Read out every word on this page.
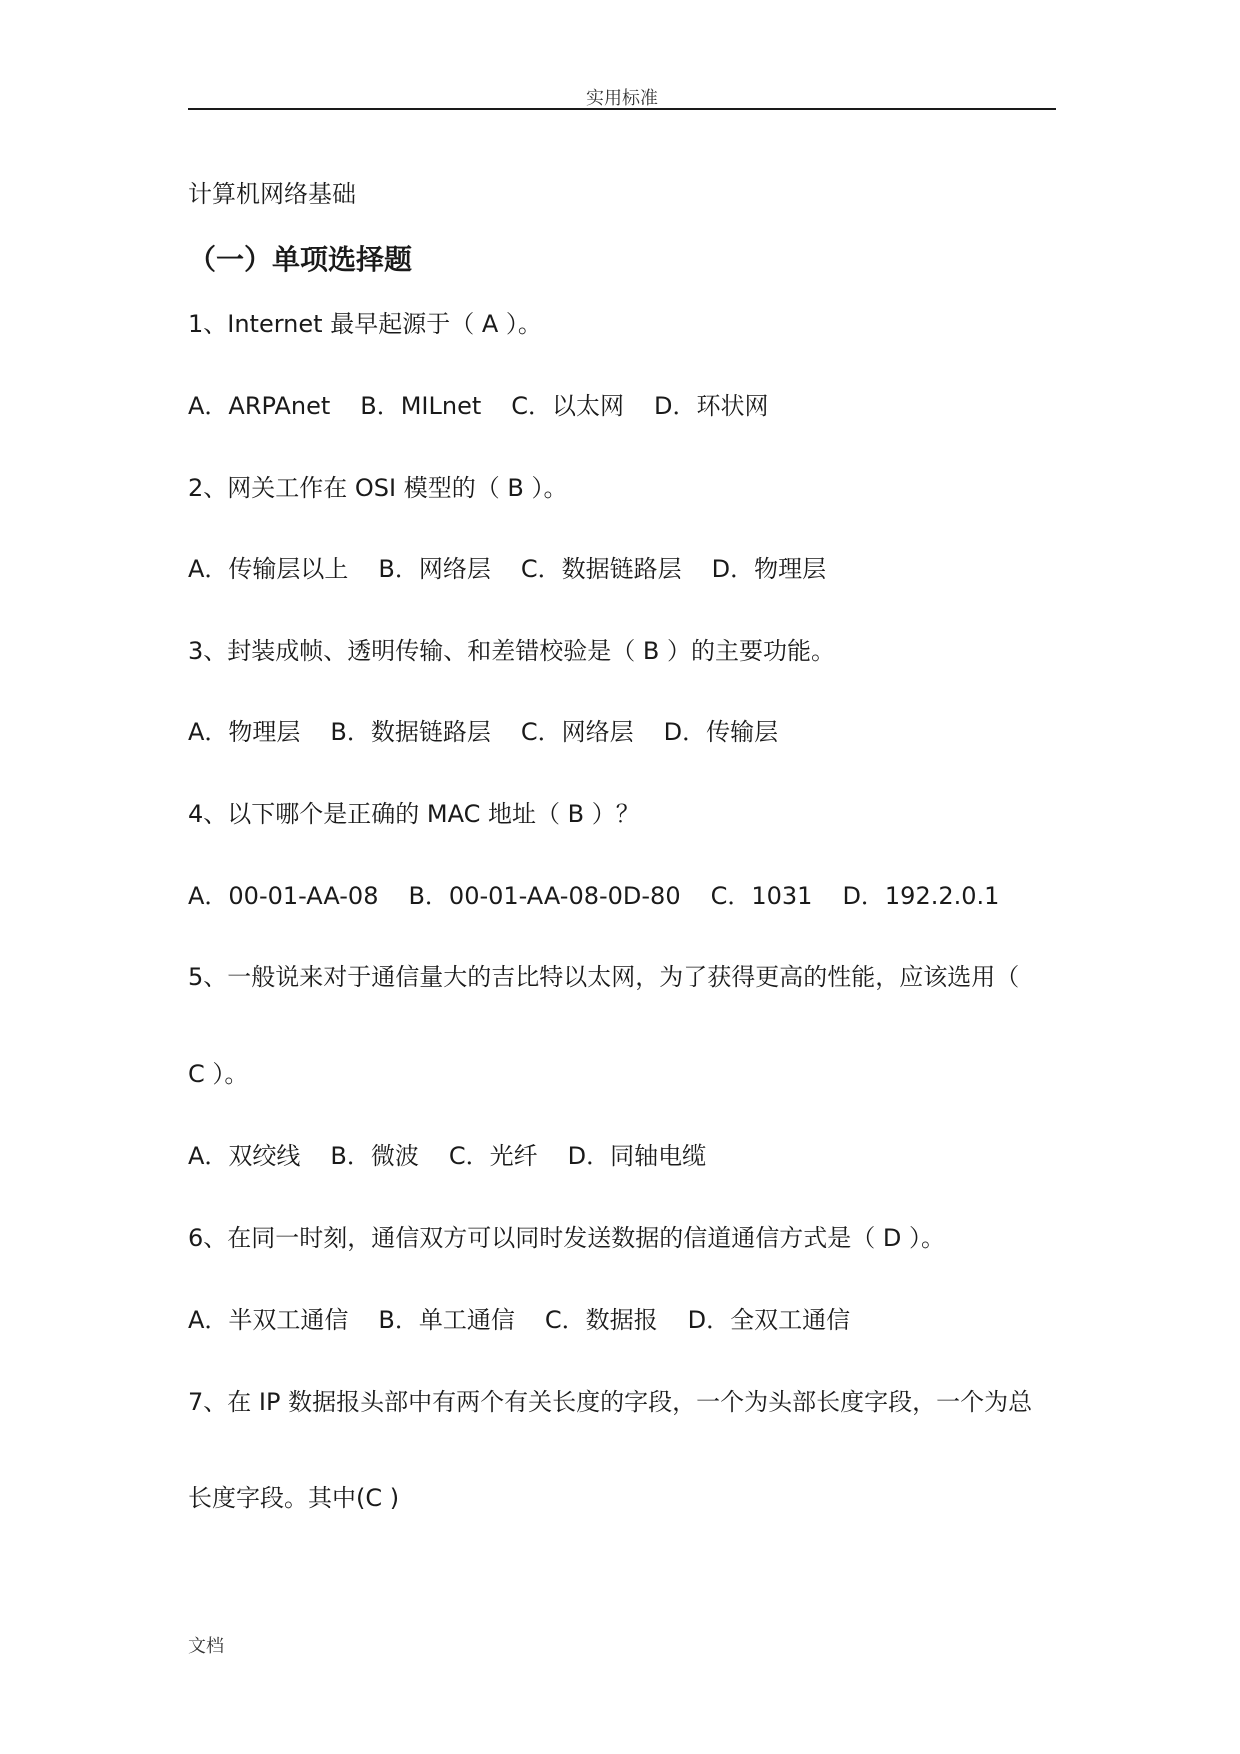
实用标准
计算机网络基础
（一）单项选择题
1、Internet 最早起源于（ A ）。
A．ARPAnet B．MILnet C．以太网 D．环状网
2、网关工作在 OSI 模型的（ B ）。
A．传输层以上 B．网络层 C．数据链路层 D．物理层
3、封装成帧、透明传输、和差错校验是（ B ）的主要功能。
A．物理层 B．数据链路层 C．网络层 D．传输层
4、以下哪个是正确的 MAC 地址（ B ）？
A．00-01-AA-08 B．00-01-AA-08-0D-80 C．1031 D．192.2.0.1
5、一般说来对于通信量大的吉比特以太网，为了获得更高的性能，应该选用（
C ）。
A．双绞线 B．微波 C．光纤 D．同轴电缆
6、在同一时刻，通信双方可以同时发送数据的信道通信方式是（ D ）。
A．半双工通信 B．单工通信 C．数据报 D．全双工通信
7、在 IP 数据报头部中有两个有关长度的字段，一个为头部长度字段，一个为总
长度字段。其中(C )
文档
